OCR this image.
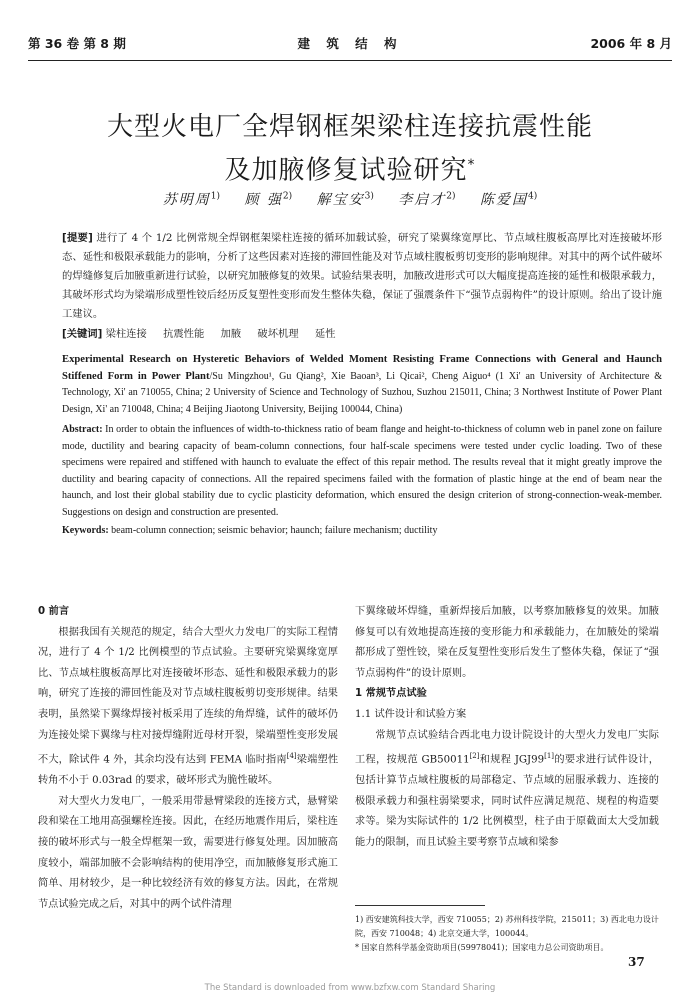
第 36 卷 第 8 期	建 筑 结 构	2006 年 8 月
大型火电厂全焊钢框架梁柱连接抗震性能
及加腋修复试验研究*
苏明周$^{1)}$ 顾 强$^{2)}$ 解宝安$^{3)}$ 李启才$^{2)}$ 陈爱国$^{4)}$
[提要] 进行了 4 个 1/2 比例常规全焊钢框架梁柱连接的循环加载试验，研究了梁翼缘宽厚比、节点域柱腹板高厚比对连接破坏形态、延性和极限承载能力的影响，分析了这些因素对连接的滞回性能及对节点域柱腹板剪切变形的影响规律。对其中的两个试件破坏的焊缝修复后加腋重新进行试验，以研究加腋修复的效果。试验结果表明，加腋改进形式可以大幅度提高连接的延性和极限承载力，其破坏形式均为梁端形成塑性铰后经历反复塑性变形而发生整体失稳，保证了强震条件下“强节点弱构件”的设计原则。给出了设计施工建议。
[关键词] 梁柱连接 抗震性能 加腋 破坏机理 延性
Experimental Research on Hysteretic Behaviors of Welded Moment Resisting Frame Connections with General and Haunch Stiffened Form in Power Plant/Su Mingzhou¹, Gu Qiang², Xie Baoan³, Li Qicai², Cheng Aiguo⁴ (1 Xi' an University of Architecture & Technology, Xi' an 710055, China; 2 University of Science and Technology of Suzhou, Suzhou 215011, China; 3 Northwest Institute of Power Plant Design, Xi' an 710048, China; 4 Beijing Jiaotong University, Beijing 100044, China)
Abstract: In order to obtain the influences of width-to-thickness ratio of beam flange and height-to-thickness of column web in panel zone on failure mode, ductility and bearing capacity of beam-column connections, four half-scale specimens were tested under cyclic loading. Two of these specimens were repaired and stiffened with haunch to evaluate the effect of this repair method. The results reveal that it might greatly improve the ductility and bearing capacity of connections. All the repaired specimens failed with the formation of plastic hinge at the end of beam near the haunch, and lost their global stability due to cyclic plasticity deformation, which ensured the design criterion of strong-connection-weak-member. Suggestions on design and construction are presented.
Keywords: beam-column connection; seismic behavior; haunch; failure mechanism; ductility

0 前言

根据我国有关规范的规定，结合大型火力发电厂的实际工程情况，进行了 4 个 1/2 比例模型的节点试验。主要研究梁翼缘宽厚比、节点域柱腹板高厚比对连接破坏形态、延性和极限承载力的影响，研究了连接的滞回性能及对节点域柱腹板剪切变形规律。结果表明，虽然梁下翼缘焊接衬板采用了连续的角焊缝，试件的破坏仍为连接处梁下翼缘与柱对接焊缝附近母材开裂，梁端塑性变形发展不大，除试件 4 外，其余均没有达到 FEMA 临时指南[4]梁端塑性转角不小于 0.03rad 的要求，破坏形式为脆性破坏。

对大型火力发电厂，一般采用带悬臂梁段的连接方式，悬臂梁段和梁在工地用高强螺栓连接。因此，在经历地震作用后，梁柱连接的破坏形式与一般全焊框架一致，需要进行修复处理。因加腋高度较小，端部加腋不会影响结构的使用净空，而加腋修复形式施工简单、用材较少，是一种比较经济有效的修复方法。因此，在常规节点试验完成之后，对其中的两个试件清理

下翼缘破坏焊缝，重新焊接后加腋，以考察加腋修复的效果。加腋修复可以有效地提高连接的变形能力和承载能力，在加腋处的梁端都形成了塑性铰，梁在反复塑性变形后发生了整体失稳，保证了“强节点弱构件”的设计原则。

1 常规节点试验

1.1 试件设计和试验方案

常规节点试验结合西北电力设计院设计的大型火力发电厂实际工程，按规范 GB50011[2]和规程 JGJ99[1]的要求进行试件设计，包括计算节点域柱腹板的局部稳定、节点域的屈服承载力、连接的极限承载力和强柱弱梁要求，同时试件应满足规范、规程的构造要求等。梁为实际试件的 1/2 比例模型，柱子由于原截面太大受加载能力的限制，而且试验主要考察节点域和梁参

1) 西安建筑科技大学，西安 710055；2) 苏州科技学院，215011；3) 西北电力设计院，西安 710048；4) 北京交通大学，100044。
* 国家自然科学基金资助项目(59978041)；国家电力总公司资助项目。
37
The Standard is downloaded from www.bzfxw.com Standard Sharing
